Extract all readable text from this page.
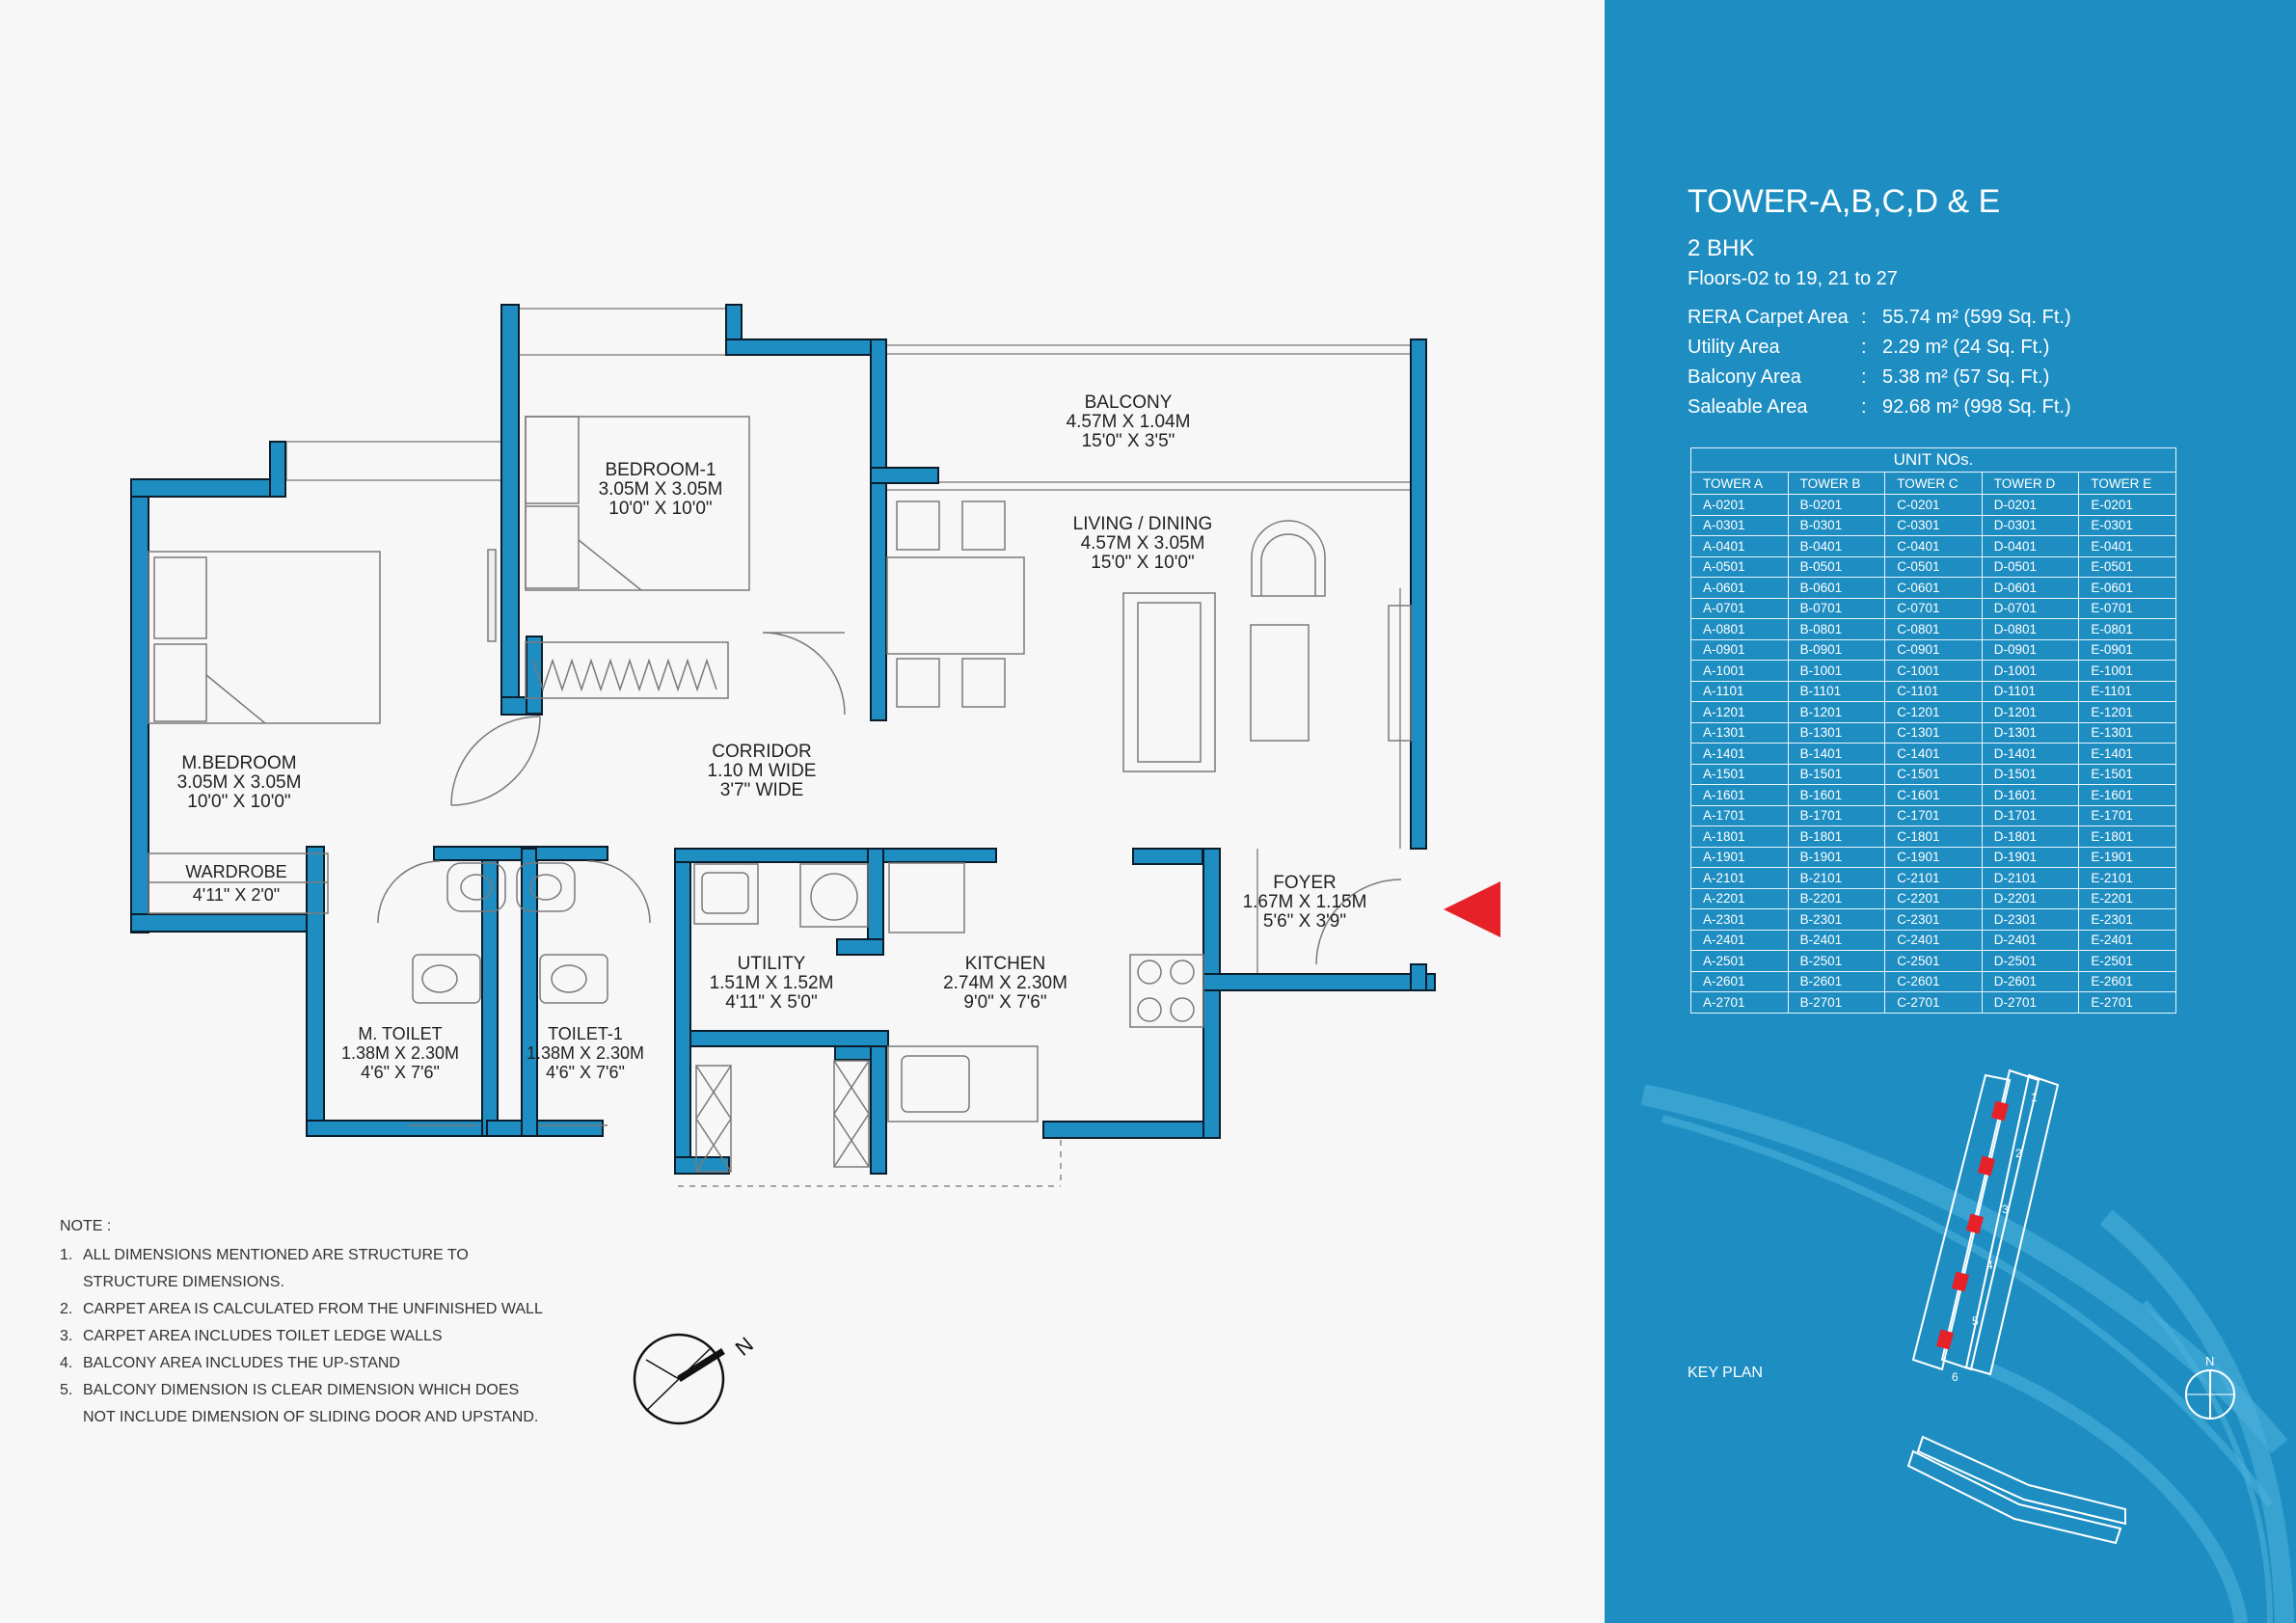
N
BALCONY
4.57M X 1.04M
15'0" X 3'5"
BEDROOM-1
3.05M X 3.05M
10'0" X 10'0"
LIVING / DINING
4.57M X 3.05M
15'0" X 10'0"
CORRIDOR
1.10 M WIDE
3'7" WIDE
M.BEDROOM
3.05M X 3.05M
10'0" X 10'0"
WARDROBE
4'11" X 2'0"
FOYER
1.67M X 1.15M
5'6" X 3'9"
UTILITY
1.51M X 1.52M
4'11" X 5'0"
KITCHEN
2.74M X 2.30M
9'0" X 7'6"
M. TOILET
1.38M X 2.30M
4'6" X 7'6"
TOILET-1
1.38M X 2.30M
4'6" X 7'6"
NOTE :
1. ALL DIMENSIONS MENTIONED ARE STRUCTURE TO
STRUCTURE DIMENSIONS.
2. CARPET AREA IS CALCULATED FROM THE UNFINISHED WALL
3. CARPET AREA INCLUDES TOILET LEDGE WALLS
4. BALCONY AREA INCLUDES THE UP-STAND
5. BALCONY DIMENSION IS CLEAR DIMENSION WHICH DOES
NOT INCLUDE DIMENSION OF SLIDING DOOR AND UPSTAND.
1
2
3
4
5
6
N
TOWER-A,B,C,D & E
2 BHK
Floors-02 to 19, 21 to 27
RERA Carpet Area : 55.74 m² (599 Sq. Ft.)
Utility Area	: 2.29 m² (24 Sq. Ft.)
Balcony Area	: 5.38 m² (57 Sq. Ft.)
Saleable Area	: 92.68 m² (998 Sq. Ft.)
UNIT NOs.				
TOWER A	TOWER B	TOWER C	TOWER D	TOWER E
A-0201	B-0201	C-0201	D-0201	E-0201
A-0301	B-0301	C-0301	D-0301	E-0301
A-0401	B-0401	C-0401	D-0401	E-0401
A-0501	B-0501	C-0501	D-0501	E-0501
A-0601	B-0601	C-0601	D-0601	E-0601
A-0701	B-0701	C-0701	D-0701	E-0701
A-0801	B-0801	C-0801	D-0801	E-0801
A-0901	B-0901	C-0901	D-0901	E-0901
A-1001	B-1001	C-1001	D-1001	E-1001
A-1101	B-1101	C-1101	D-1101	E-1101
A-1201	B-1201	C-1201	D-1201	E-1201
A-1301	B-1301	C-1301	D-1301	E-1301
A-1401	B-1401	C-1401	D-1401	E-1401
A-1501	B-1501	C-1501	D-1501	E-1501
A-1601	B-1601	C-1601	D-1601	E-1601
A-1701	B-1701	C-1701	D-1701	E-1701
A-1801	B-1801	C-1801	D-1801	E-1801
A-1901	B-1901	C-1901	D-1901	E-1901
A-2101	B-2101	C-2101	D-2101	E-2101
A-2201	B-2201	C-2201	D-2201	E-2201
A-2301	B-2301	C-2301	D-2301	E-2301
A-2401	B-2401	C-2401	D-2401	E-2401
A-2501	B-2501	C-2501	D-2501	E-2501
A-2601	B-2601	C-2601	D-2601	E-2601
A-2701	B-2701	C-2701	D-2701	E-2701
KEY PLAN
